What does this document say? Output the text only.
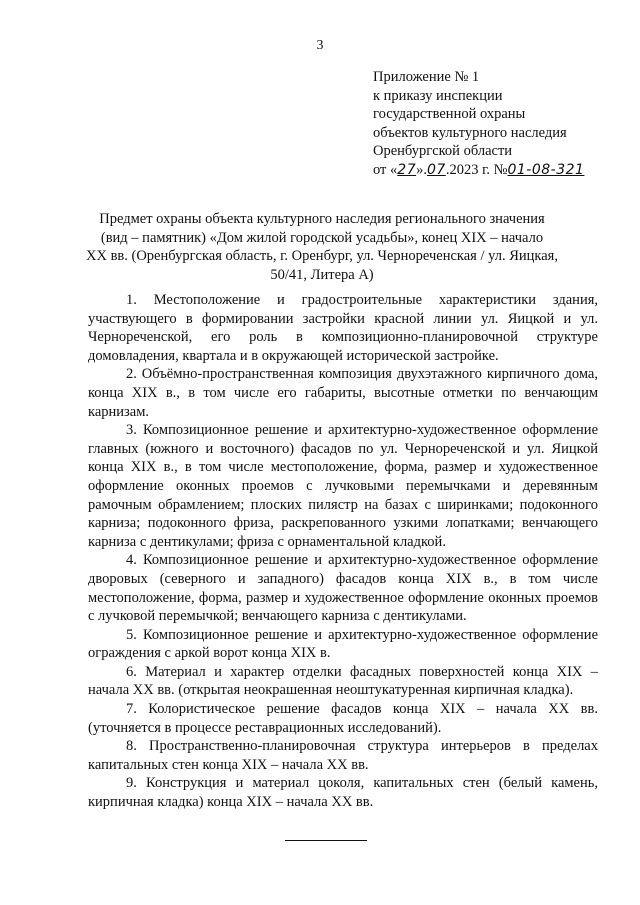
3
Приложение № 1
к приказу инспекции
государственной охраны
объектов культурного наследия
Оренбургской области
от «27».07.2023 г. №01-08-321
Предмет охраны объекта культурного наследия регионального значения
(вид – памятник) «Дом жилой городской усадьбы», конец XIX – начало
XX вв. (Оренбургская область, г. Оренбург, ул. Чернореченская / ул. Яицкая,
50/41, Литера А)

1. Местоположение и градостроительные характеристики здания, участвующего в формировании застройки красной линии ул. Яицкой и ул. Чернореченской, его роль в композиционно-планировочной структуре домовладения, квартала и в окружающей исторической застройке.

2. Объёмно-пространственная композиция двухэтажного кирпичного дома, конца XIX в., в том числе его габариты, высотные отметки по венчающим карнизам.

3. Композиционное решение и архитектурно-художественное оформление главных (южного и восточного) фасадов по ул. Чернореченской и ул. Яицкой конца XIX в., в том числе местоположение, форма, размер и художественное оформление оконных проемов с лучковыми перемычками и деревянным рамочным обрамлением; плоских пилястр на базах с ширинками; подоконного карниза; подоконного фриза, раскрепованного узкими лопатками; венчающего карниза с дентикулами; фриза с орнаментальной кладкой.

4. Композиционное решение и архитектурно-художественное оформление дворовых (северного и западного) фасадов конца XIX в., в том числе местоположение, форма, размер и художественное оформление оконных проемов с лучковой перемычкой; венчающего карниза с дентикулами.

5. Композиционное решение и архитектурно-художественное оформление ограждения с аркой ворот конца XIX в.

6. Материал и характер отделки фасадных поверхностей конца XIX – начала XX вв. (открытая неокрашенная неоштукатуренная кирпичная кладка).

7. Колористическое решение фасадов конца XIX – начала XX вв. (уточняется в процессе реставрационных исследований).

8. Пространственно-планировочная структура интерьеров в пределах капитальных стен конца XIX – начала XX вв.

9. Конструкция и материал цоколя, капитальных стен (белый камень, кирпичная кладка) конца XIX – начала XX вв.
